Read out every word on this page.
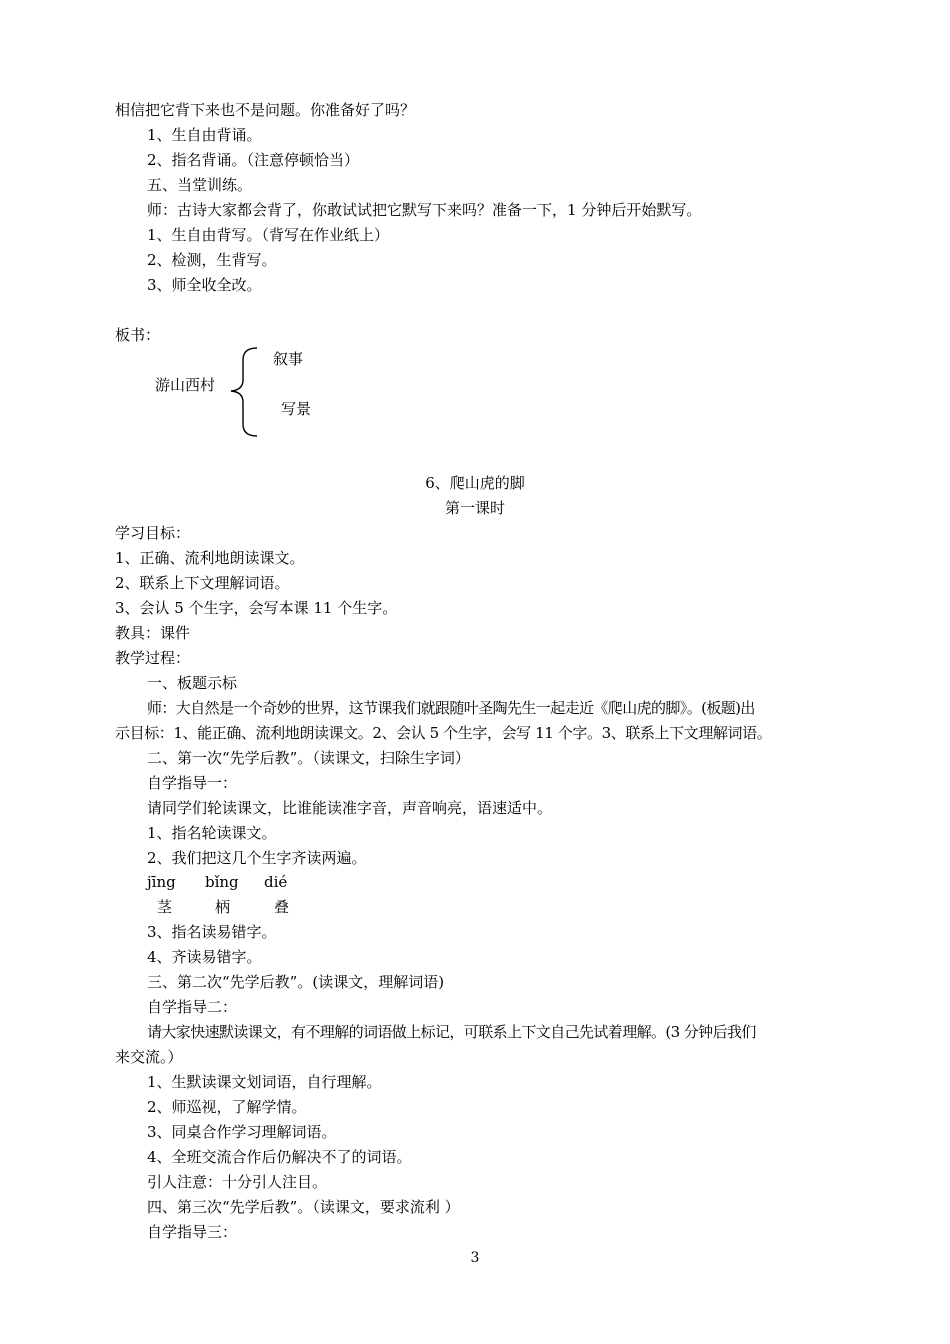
相信把它背下来也不是问题。你准备好了吗？
1、生自由背诵。
2、指名背诵。（注意停顿恰当）
五、当堂训练。
师：古诗大家都会背了，你敢试试把它默写下来吗？准备一下，1 分钟后开始默写。
1、生自由背写。（背写在作业纸上）
2、检测，生背写。
3、师全收全改。
板书：
游山西村
叙事
写景
6、爬山虎的脚
第一课时
学习目标：
1、正确、流利地朗读课文。
2、联系上下文理解词语。
3、会认 5 个生字，会写本课 11 个生字。
教具：课件
教学过程：
一、板题示标
师：大自然是一个奇妙的世界，这节课我们就跟随叶圣陶先生一起走近《爬山虎的脚》。(板题)出
示目标：1、能正确、流利地朗读课文。2、会认 5 个生字，会写 11 个字。3、联系上下文理解词语。
二、第一次“先学后教”。（读课文，扫除生字词）
自学指导一：
请同学们轮读课文，比谁能读准字音，声音响亮，语速适中。
1、指名轮读课文。
2、我们把这几个生字齐读两遍。
jīng bǐng dié
茎	柄	叠
3、指名读易错字。
4、齐读易错字。
三、第二次“先学后教”。(读课文，理解词语)
自学指导二：
请大家快速默读课文，有不理解的词语做上标记，可联系上下文自己先试着理解。(3 分钟后我们
来交流。）
1、生默读课文划词语，自行理解。
2、师巡视，了解学情。
3、同桌合作学习理解词语。
4、全班交流合作后仍解决不了的词语。
引人注意：十分引人注目。
四、第三次“先学后教”。（读课文，要求流利 ）
自学指导三：
3
